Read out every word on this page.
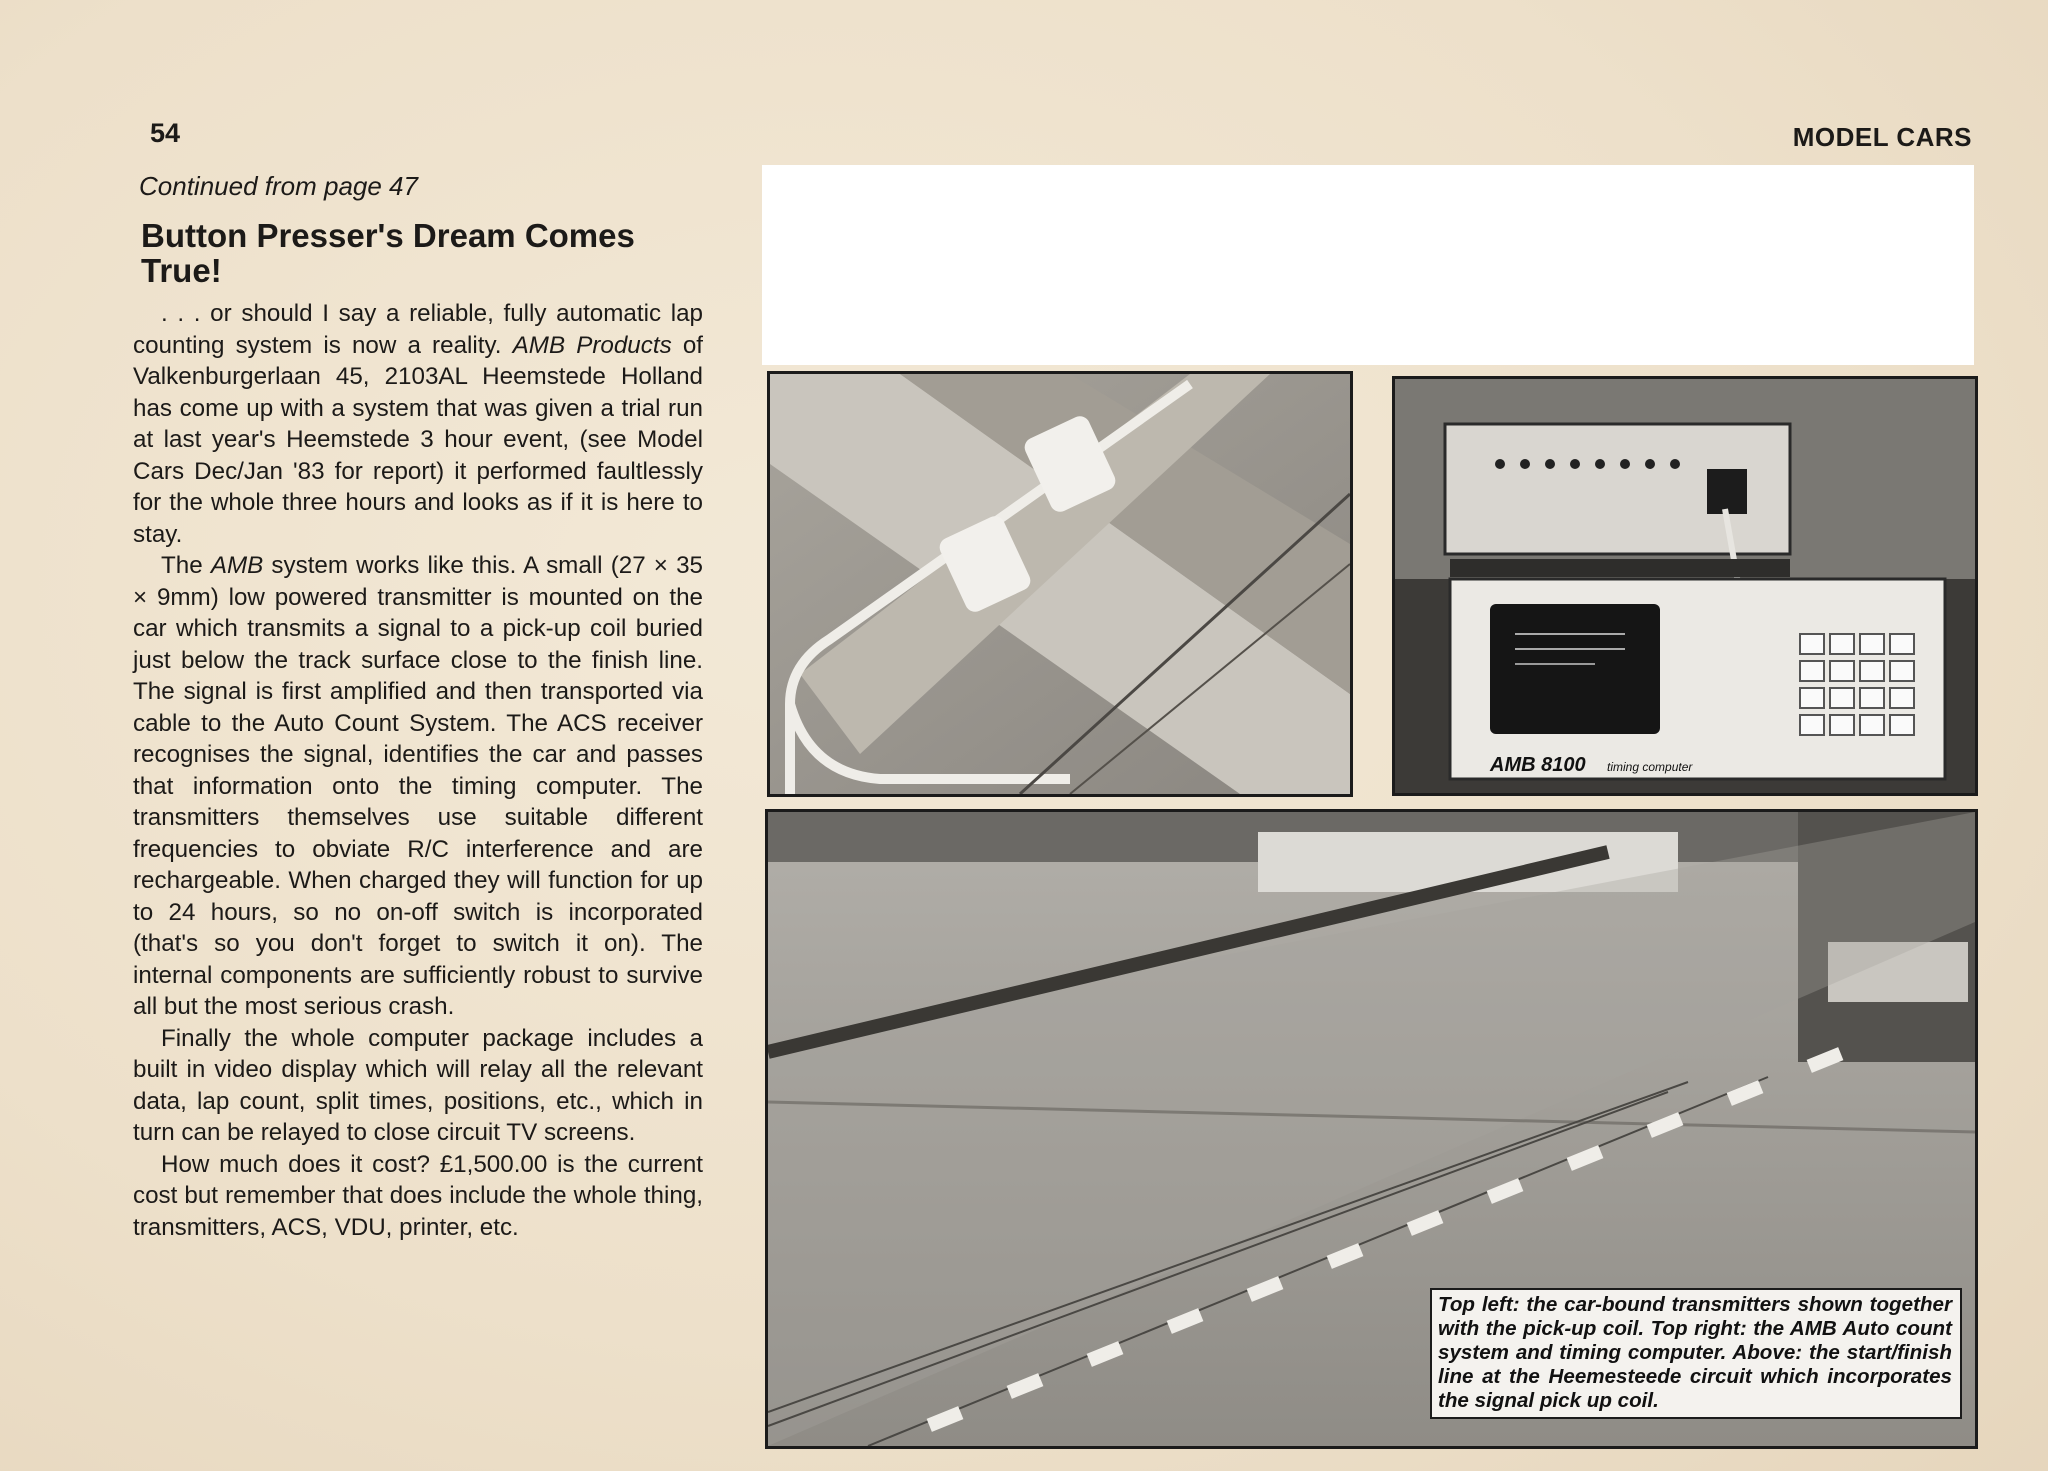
54	MODEL CARS
Continued from page 47
Button Presser's Dream Comes True!

. . . or should I say a reliable, fully automatic lap counting system is now a reality. AMB Products of Valkenburgerlaan 45, 2103AL Heemstede Holland has come up with a system that was given a trial run at last year's Heemstede 3 hour event, (see Model Cars Dec/Jan '83 for report) it performed faultlessly for the whole three hours and looks as if it is here to stay.

The AMB system works like this. A small (27 × 35 × 9mm) low powered transmitter is mounted on the car which transmits a signal to a pick-up coil buried just below the track surface close to the finish line. The signal is first amplified and then transported via cable to the Auto Count System. The ACS receiver recognises the signal, identifies the car and passes that information onto the timing computer. The transmitters themselves use suitable different frequencies to obviate R/C interference and are rechargeable. When charged they will function for up to 24 hours, so no on-off switch is incorporated (that's so you don't forget to switch it on). The internal components are sufficiently robust to survive all but the most serious crash.

Finally the whole computer package includes a built in video display which will relay all the relevant data, lap count, split times, positions, etc., which in turn can be relayed to close circuit TV screens.

How much does it cost? £1,500.00 is the current cost but remember that does include the whole thing, transmitters, ACS, VDU, printer, etc.

AMB 8100 timing computer
Top left: the car-bound transmitters shown together with the pick-up coil. Top right: the AMB Auto count system and timing computer. Above: the start/finish line at the Heemesteede circuit which incorporates the signal pick up coil.
